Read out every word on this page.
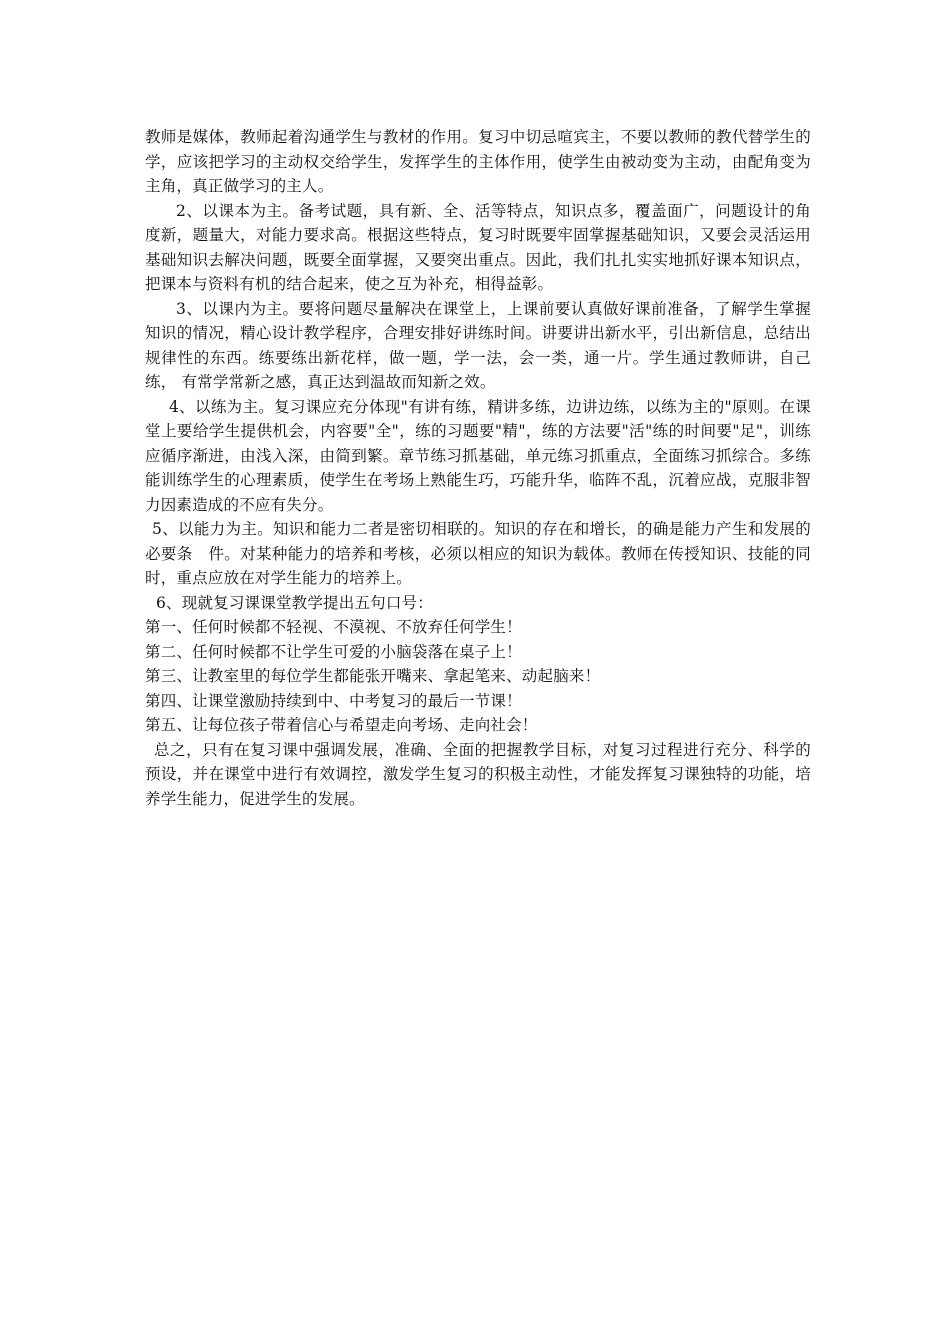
教师是媒体，教师起着沟通学生与教材的作用。复习中切忌喧宾主，不要以教师的教代替学生的学，应该把学习的主动权交给学生，发挥学生的主体作用，使学生由被动变为主动，由配角变为主角，真正做学习的主人。

2、以课本为主。备考试题，具有新、全、活等特点，知识点多，覆盖面广，问题设计的角度新，题量大，对能力要求高。根据这些特点，复习时既要牢固掌握基础知识，又要会灵活运用基础知识去解决问题，既要全面掌握，又要突出重点。因此，我们扎扎实实地抓好课本知识点，把课本与资料有机的结合起来，使之互为补充，相得益彰。

3、以课内为主。要将问题尽量解决在课堂上，上课前要认真做好课前准备，了解学生掌握知识的情况，精心设计教学程序，合理安排好讲练时间。讲要讲出新水平，引出新信息，总结出规律性的东西。练要练出新花样，做一题，学一法，会一类，通一片。学生通过教师讲，自己练， 有常学常新之感，真正达到温故而知新之效。

4、以练为主。复习课应充分体现"有讲有练，精讲多练，边讲边练，以练为主的"原则。在课堂上要给学生提供机会，内容要"全"，练的习题要"精"，练的方法要"活"练的时间要"足"，训练应循序渐进，由浅入深，由简到繁。章节练习抓基础，单元练习抓重点，全面练习抓综合。多练能训练学生的心理素质，使学生在考场上熟能生巧，巧能升华，临阵不乱，沉着应战，克服非智力因素造成的不应有失分。

5、以能力为主。知识和能力二者是密切相联的。知识的存在和增长，的确是能力产生和发展的必要条　件。对某种能力的培养和考核，必须以相应的知识为载体。教师在传授知识、技能的同时，重点应放在对学生能力的培养上。

6、现就复习课课堂教学提出五句口号：

第一、任何时候都不轻视、不漠视、不放弃任何学生！

第二、任何时候都不让学生可爱的小脑袋落在桌子上！

第三、让教室里的每位学生都能张开嘴来、拿起笔来、动起脑来！

第四、让课堂激励持续到中、中考复习的最后一节课！

第五、让每位孩子带着信心与希望走向考场、走向社会！

总之，只有在复习课中强调发展，准确、全面的把握教学目标，对复习过程进行充分、科学的预设，并在课堂中进行有效调控，激发学生复习的积极主动性，才能发挥复习课独特的功能，培养学生能力，促进学生的发展。
